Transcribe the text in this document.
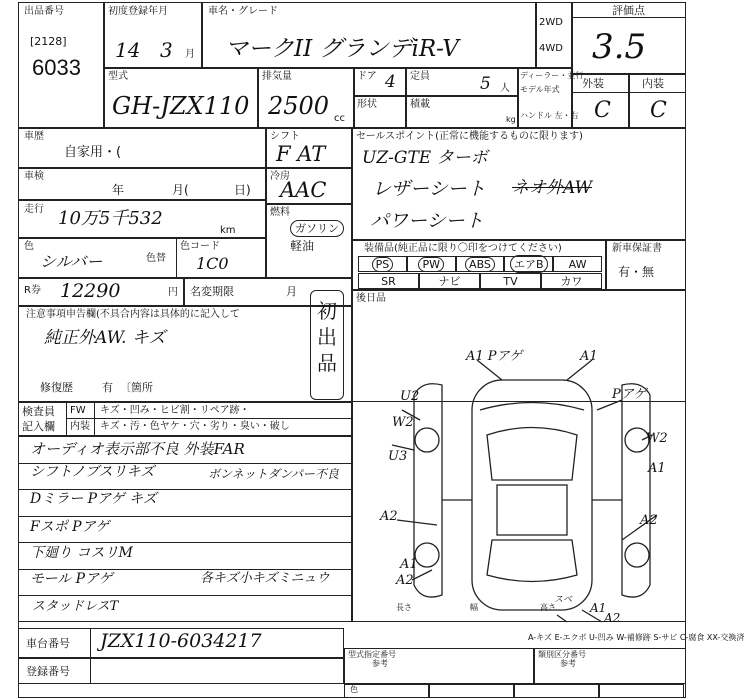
出品番号
[2128]
6033
初度登録年月
14 3 月
車名・グレード
マークII グランデiR-V
2WD
4WD
評価点
3.5
型式
GH-JZX110
排気量
2500 cc
ドア 4 定員	5 人
ディーラー・並行
モデル年式
ハンドル 左・右
形状	積載
kg
外装	内装
C C
車歴
自家用・(
車検
年	月(	日)
走行 10万5千532
km
色
シルバー	色替
色コード
1C0
シフト
F AT
冷房
AAC
燃料
ガソリン
軽油
セールスポイント(正常に機能するものに限ります)
UZ-GTE ターボ
レザーシート ネオ外AW
パワーシート
装備品(純正品に限り〇印をつけてください)
PS	PW	ABS	エアB	AW
SR	ナビ	TV	カワ
新車保証書
有・無
R券 12290	円 名変期限	月
後日品
注意事項申告欄(不具合内容は具体的に記入して
純正外AW. キズ
初出品
修復歴	有 〔箇所
検査員
記入欄
FW キズ・凹み・ヒビ割・リペア跡・
内装 キズ・汚・色ヤケ・穴・劣り・臭い・破し
オーディオ表示部不良 外装FAR
シフトノブスリキズ	ボンネットダンパー不良
Dミラー Pアゲ キズ
Fスポ Pアゲ
下廻り コスリM
モール Pアゲ	各キズ小キズミニュウ
スタッドレスT
A1 Pアゲ	A1
Pアゲ
W2
A1
U2
W2
U3
A2
A1
A2
A2
スベ
A1
A2
長さ	幅	高さ
A-キズ E-エクボ U-凹み W-補修跡 S-サビ C-腐食 XX-交換済
車台番号 JZX110-6034217
登録番号
型式指定番号
参考
類別区分番号
参考
色
